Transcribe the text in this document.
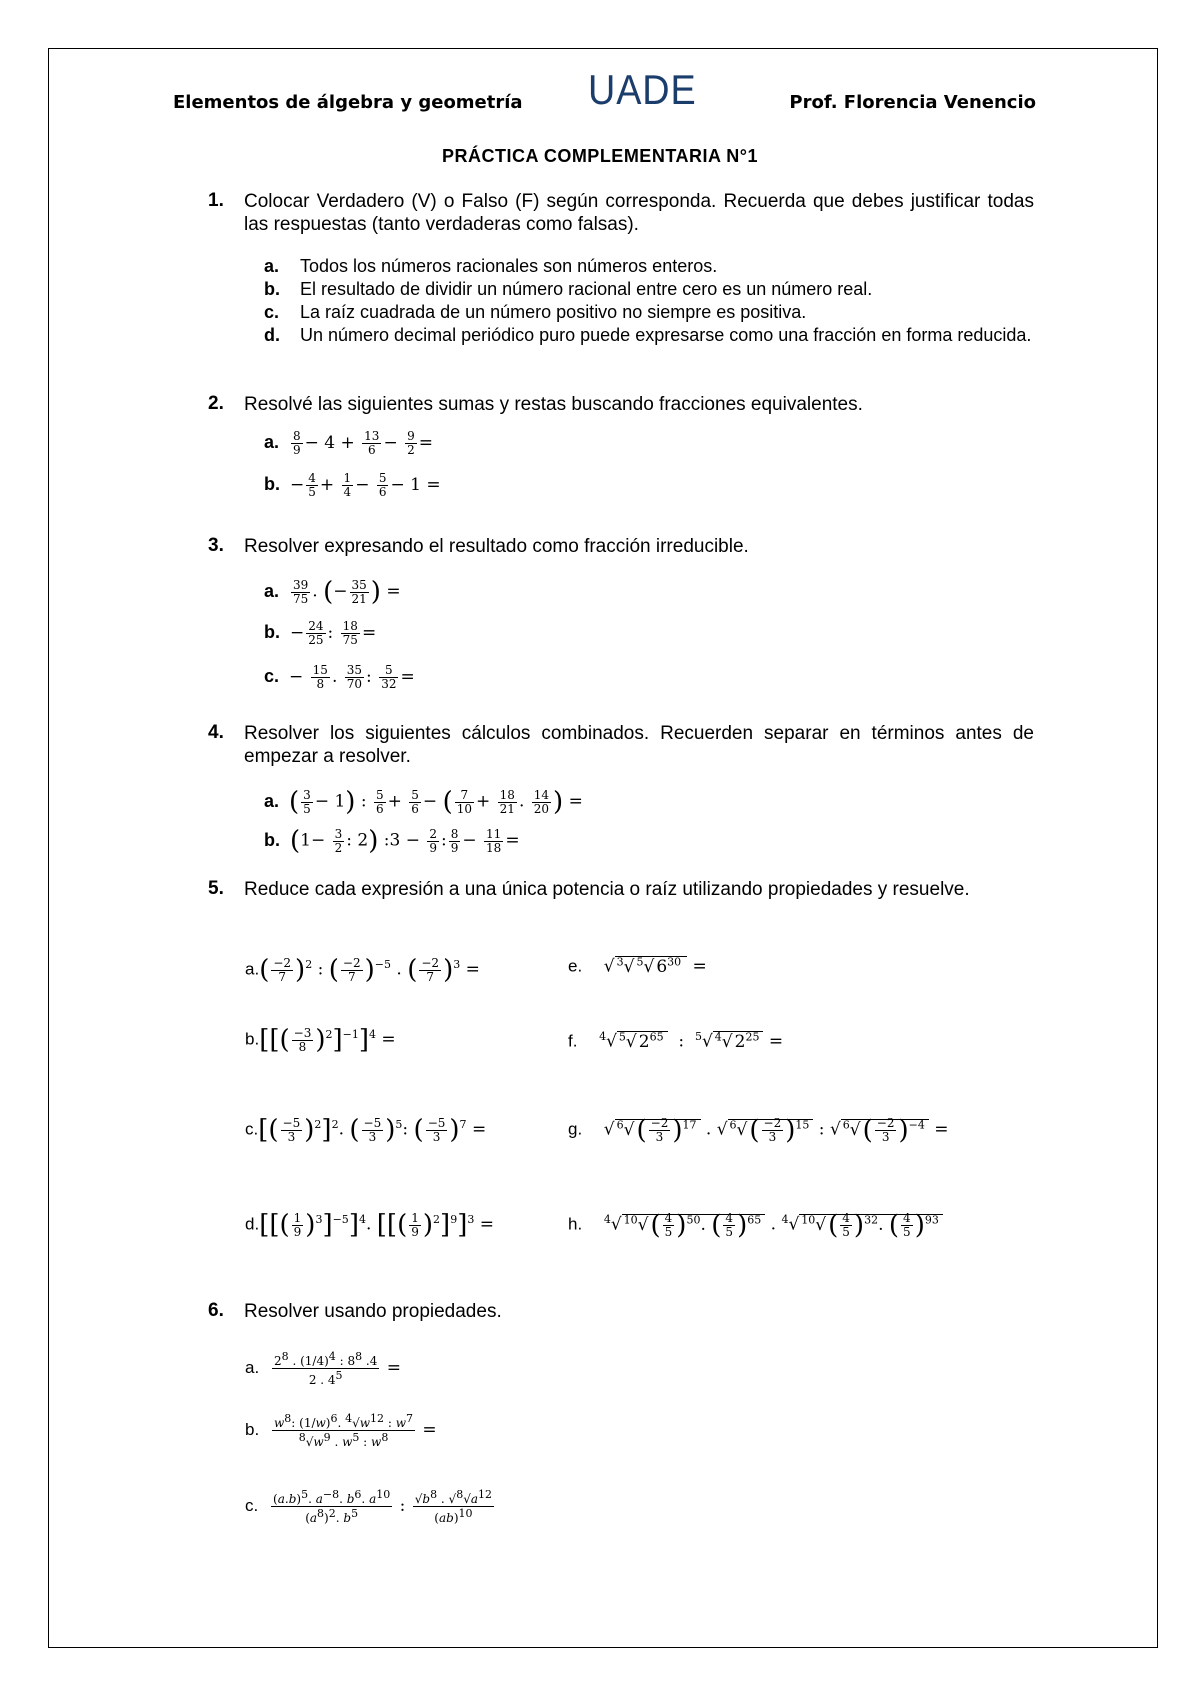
Elementos de álgebra y geometría UADE	Prof. Florencia Venencio
PRÁCTICA COMPLEMENTARIA N°1
1. Colocar Verdadero (V) o Falso (F) según corresponda. Recuerda que debes justificar todas las respuestas (tanto verdaderas como falsas).
a. Todos los números racionales son números enteros.
b. El resultado de dividir un número racional entre cero es un número real.
c. La raíz cuadrada de un número positivo no siempre es positiva.
d. Un número decimal periódico puro puede expresarse como una fracción en forma reducida.
2. Resolvé las siguientes sumas y restas buscando fracciones equivalentes.
a. $\frac{8}{9} - 4 + \frac{13}{6} - \frac{9}{2}$ =
b. − $\frac{4}{5} + \frac{1}{4} - \frac{5}{6} - 1$ =
3. Resolver expresando el resultado como fracción irreducible.
a. $\frac{39}{75}$ . (− $\frac{35}{21}$ ) =
b. − $\frac{24}{25}$ : $\frac{18}{75}$ =
c. − $\frac{15}{8}$ . $\frac{35}{70}$ : $\frac{5}{32}$ =
4. Resolver los siguientes cálculos combinados. Recuerden separar en términos antes de empezar a resolver.
a. ( $\frac{3}{5} - 1$) : $\frac{5}{6} + \frac{5}{6}$ − ( $\frac{7}{10} + \frac{18}{21}$ . $\frac{14}{20}$ ) =
b. ($1- \frac{3}{2}$ : 2) :3 − $\frac{2}{9}$ : $\frac{8}{9} - \frac{11}{18}$ =
5. Reduce cada expresión a una única potencia o raíz utilizando propiedades y resuelve.
$a.( \frac{-2}{7} )^2$ : ( $\frac{-2}{7} )^{-5}$ . ( $\frac{-2}{7} )^3$ =	e.    √ $^3$√ $^5$√ $6^{30}$ =
$b.[[( \frac{-3}{8} )^2]^{-1}]^4$ =	f. $^4$√ $^5$√ $2^{65}$  :  $^5$√ $^4$√ $2^{25}$ =
$c.[( \frac{-5}{3} )^2]^2$. ( $\frac{-5}{3} )^5$: ( $\frac{-5}{3} )^7$ =	g.    √ $^6√( \frac{-2}{3} )^{17}$ . √ $^6√( \frac{-2}{3} )^{15}$ : √ $^6√( \frac{-2}{3} )^{-4}$ =
$d.[[( \frac{1}{9} )^3]^{-5}]^4$. [[( $\frac{1}{9} )^2]^9]^3$ =	h. $^4$√ $^{10}√( \frac{4}{5} )^{50}$. ( $\frac{4}{5} )^{65}$ . $^4$√ $^{10}√( \frac{4}{5} )^{32}$. ( $\frac{4}{5} )^{93}$
6. Resolver usando propiedades.
a. $\frac{2^8 . (1/4)^4 : 8^8 .4}{2 . 4^5}$ =
b. $\frac{w^8: (1/w)^6. ^4√w^{12} : w^7}{^8√w^9 . w^5 : w^8}$ =
c. $\frac{(a.b)^5. a^{-8}. b^6. a^{10}}{(a^8)^2. b^5}$ : $\frac{√b^8 . √^8√a^{12}}{(ab)^{10}}$
